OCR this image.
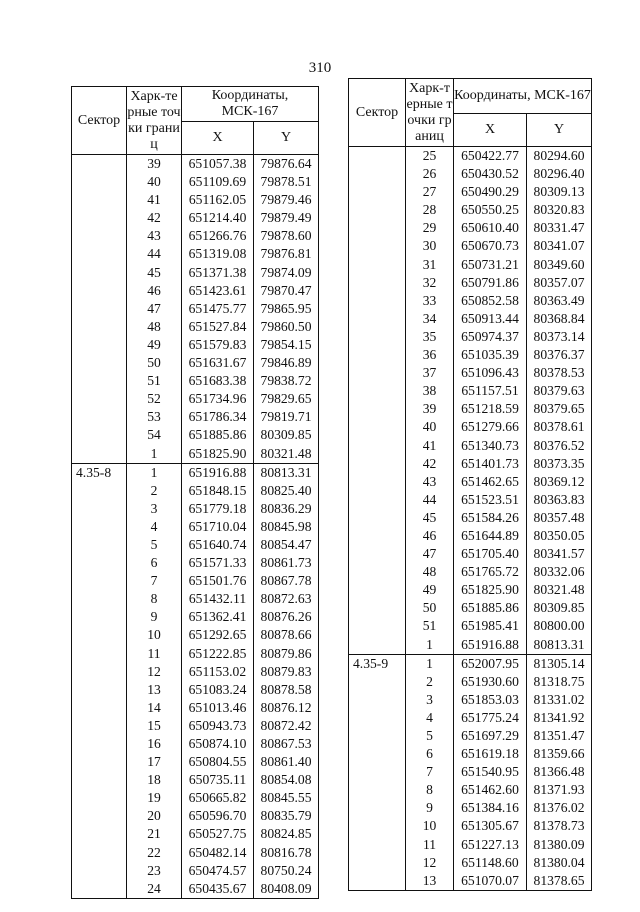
310
Сектор	Харк-терные точки границ	Координаты, МСК-167	
		X	Y
	39	651057.38	79876.64
	40	651109.69	79878.51
	41	651162.05	79879.46
	42	651214.40	79879.49
	43	651266.76	79878.60
	44	651319.08	79876.81
	45	651371.38	79874.09
	46	651423.61	79870.47
	47	651475.77	79865.95
	48	651527.84	79860.50
	49	651579.83	79854.15
	50	651631.67	79846.89
	51	651683.38	79838.72
	52	651734.96	79829.65
	53	651786.34	79819.71
	54	651885.86	80309.85
	1	651825.90	80321.48
4.35-8	1	651916.88	80813.31
	2	651848.15	80825.40
	3	651779.18	80836.29
	4	651710.04	80845.98
	5	651640.74	80854.47
	6	651571.33	80861.73
	7	651501.76	80867.78
	8	651432.11	80872.63
	9	651362.41	80876.26
	10	651292.65	80878.66
	11	651222.85	80879.86
	12	651153.02	80879.83
	13	651083.24	80878.58
	14	651013.46	80876.12
	15	650943.73	80872.42
	16	650874.10	80867.53
	17	650804.55	80861.40
	18	650735.11	80854.08
	19	650665.82	80845.55
	20	650596.70	80835.79
	21	650527.75	80824.85
	22	650482.14	80816.78
	23	650474.57	80750.24
	24	650435.67	80408.09
Сектор	Харк-терные точки границ	Координаты, МСК-167	
		X	Y
	25	650422.77	80294.60
	26	650430.52	80296.40
	27	650490.29	80309.13
	28	650550.25	80320.83
	29	650610.40	80331.47
	30	650670.73	80341.07
	31	650731.21	80349.60
	32	650791.86	80357.07
	33	650852.58	80363.49
	34	650913.44	80368.84
	35	650974.37	80373.14
	36	651035.39	80376.37
	37	651096.43	80378.53
	38	651157.51	80379.63
	39	651218.59	80379.65
	40	651279.66	80378.61
	41	651340.73	80376.52
	42	651401.73	80373.35
	43	651462.65	80369.12
	44	651523.51	80363.83
	45	651584.26	80357.48
	46	651644.89	80350.05
	47	651705.40	80341.57
	48	651765.72	80332.06
	49	651825.90	80321.48
	50	651885.86	80309.85
	51	651985.41	80800.00
	1	651916.88	80813.31
4.35-9	1	652007.95	81305.14
	2	651930.60	81318.75
	3	651853.03	81331.02
	4	651775.24	81341.92
	5	651697.29	81351.47
	6	651619.18	81359.66
	7	651540.95	81366.48
	8	651462.60	81371.93
	9	651384.16	81376.02
	10	651305.67	81378.73
	11	651227.13	81380.09
	12	651148.60	81380.04
	13	651070.07	81378.65
